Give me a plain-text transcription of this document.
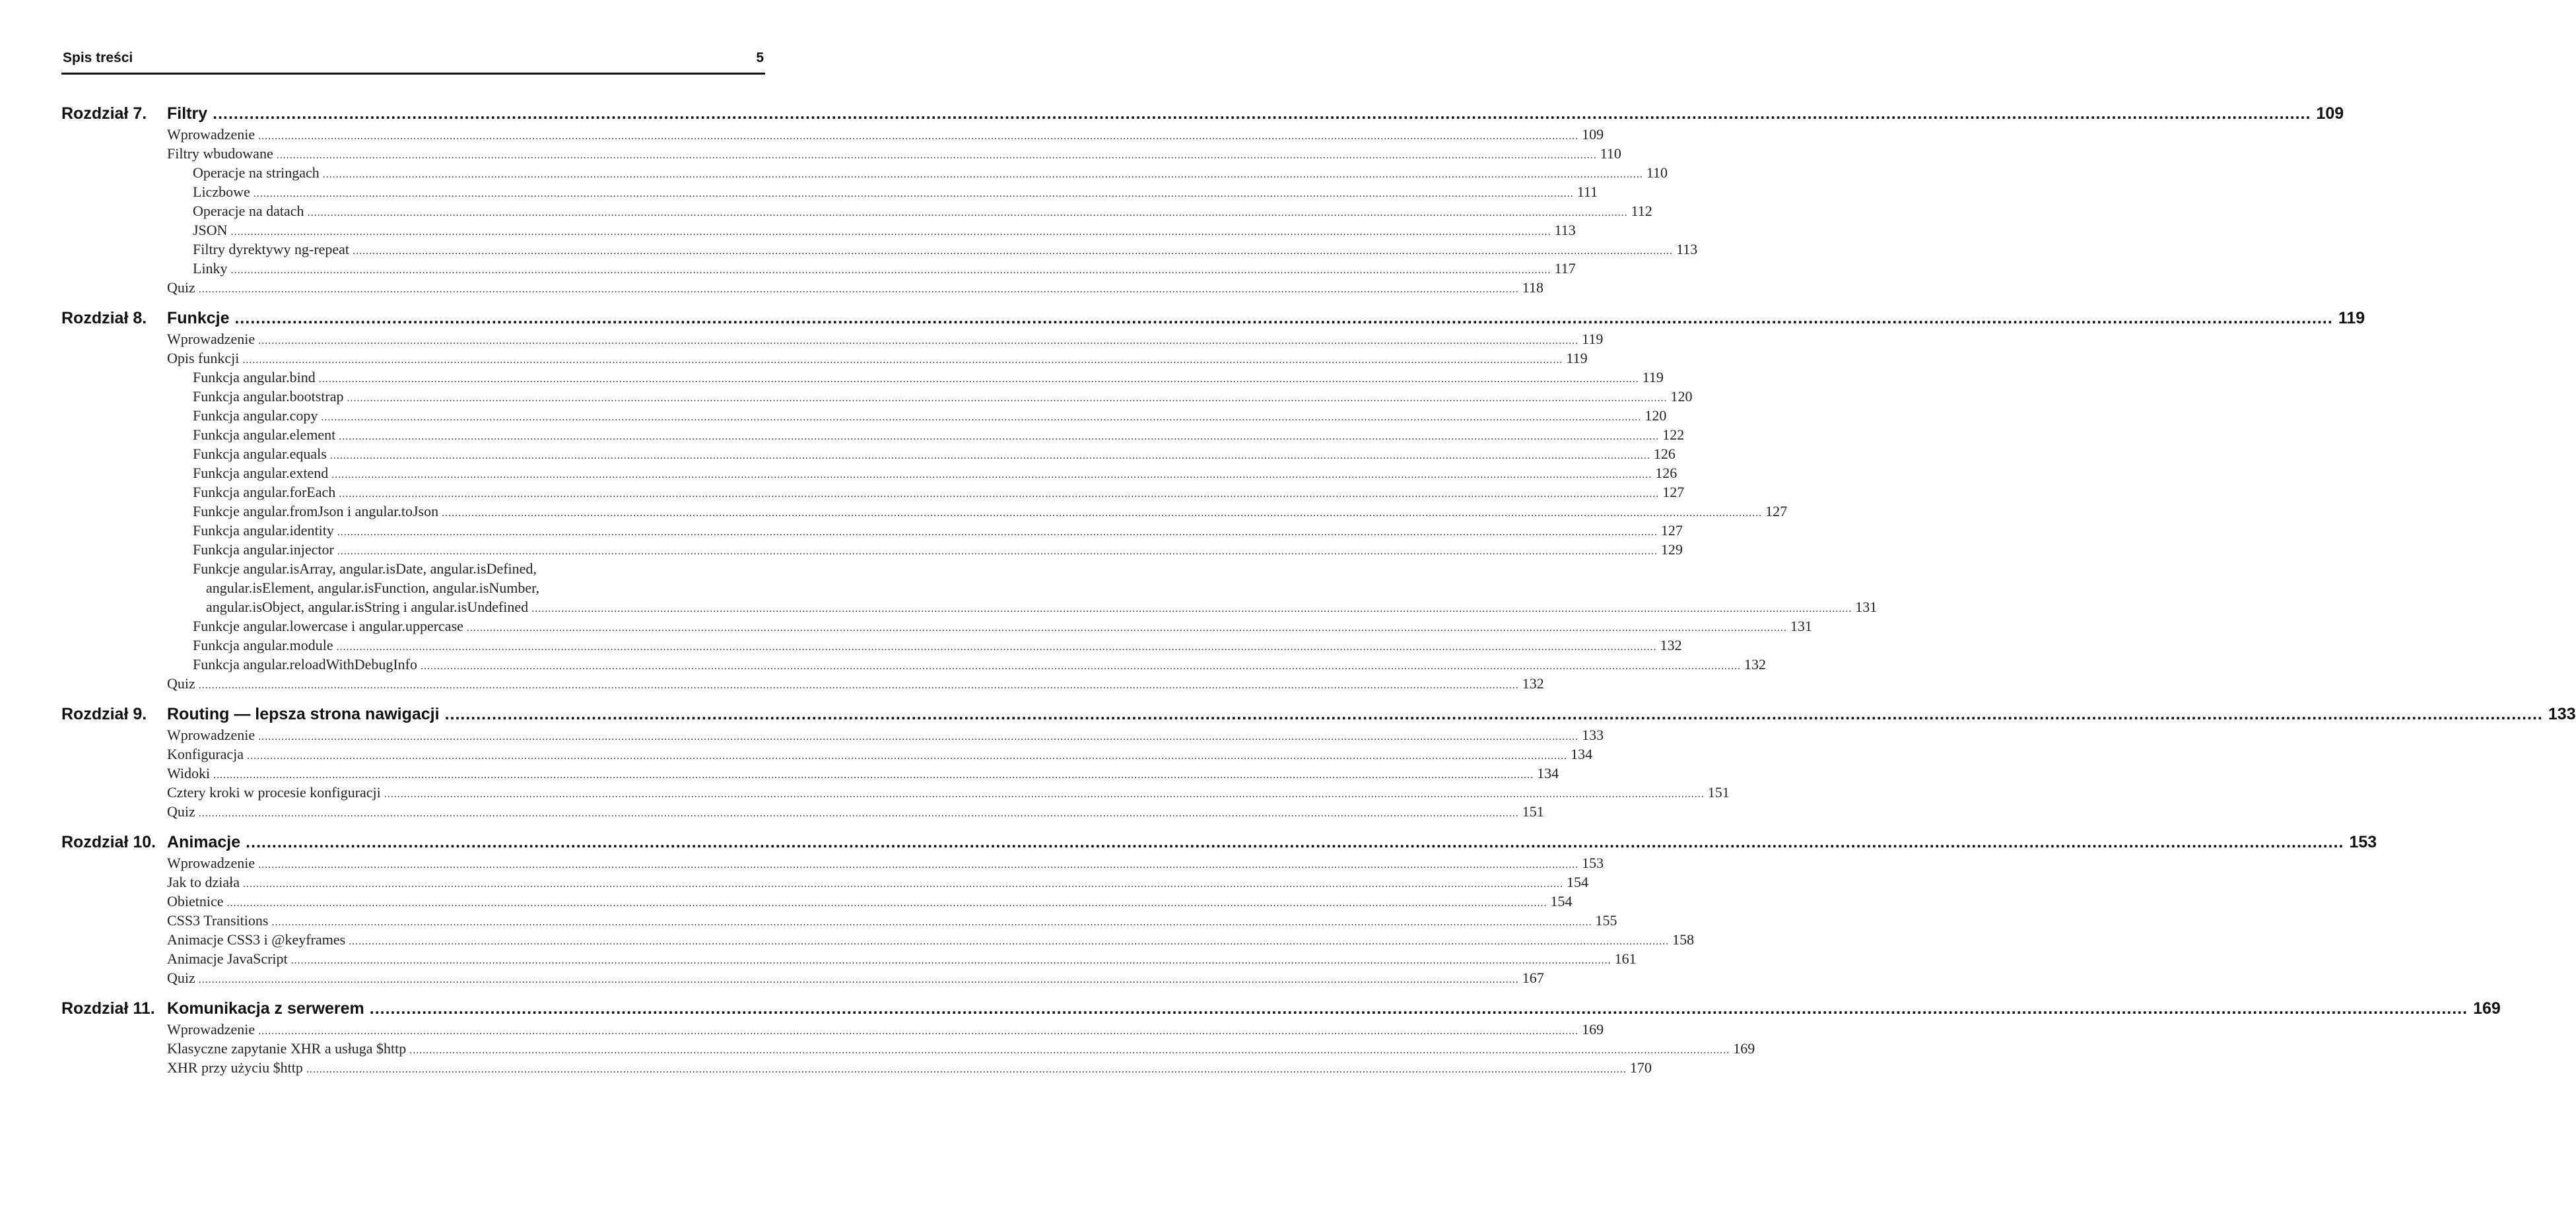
Spis treści	5
Rozdział 7.	Filtry ................................................................................................................................................................................................................................................................................................................................................................................................................ 109
Wprowadzenie ................................................................................................................................................................................................................................................................................................................................................................................................................ 109
Filtry wbudowane ................................................................................................................................................................................................................................................................................................................................................................................................................ 110
Operacje na stringach ................................................................................................................................................................................................................................................................................................................................................................................................................ 110
Liczbowe ................................................................................................................................................................................................................................................................................................................................................................................................................ 111
Operacje na datach ................................................................................................................................................................................................................................................................................................................................................................................................................ 112
JSON ................................................................................................................................................................................................................................................................................................................................................................................................................ 113
Filtry dyrektywy ng-repeat ................................................................................................................................................................................................................................................................................................................................................................................................................ 113
Linky ................................................................................................................................................................................................................................................................................................................................................................................................................ 117
Quiz ................................................................................................................................................................................................................................................................................................................................................................................................................ 118
Rozdział 8.	Funkcje ................................................................................................................................................................................................................................................................................................................................................................................................................ 119
Wprowadzenie ................................................................................................................................................................................................................................................................................................................................................................................................................ 119
Opis funkcji ................................................................................................................................................................................................................................................................................................................................................................................................................ 119
Funkcja angular.bind ................................................................................................................................................................................................................................................................................................................................................................................................................ 119
Funkcja angular.bootstrap ................................................................................................................................................................................................................................................................................................................................................................................................................ 120
Funkcja angular.copy ................................................................................................................................................................................................................................................................................................................................................................................................................ 120
Funkcja angular.element ................................................................................................................................................................................................................................................................................................................................................................................................................ 122
Funkcja angular.equals ................................................................................................................................................................................................................................................................................................................................................................................................................ 126
Funkcja angular.extend ................................................................................................................................................................................................................................................................................................................................................................................................................ 126
Funkcja angular.forEach ................................................................................................................................................................................................................................................................................................................................................................................................................ 127
Funkcje angular.fromJson i angular.toJson ................................................................................................................................................................................................................................................................................................................................................................................................................ 127
Funkcja angular.identity ................................................................................................................................................................................................................................................................................................................................................................................................................ 127
Funkcja angular.injector ................................................................................................................................................................................................................................................................................................................................................................................................................ 129
Funkcje angular.isArray, angular.isDate, angular.isDefined,
angular.isElement, angular.isFunction, angular.isNumber,
angular.isObject, angular.isString i angular.isUndefined ................................................................................................................................................................................................................................................................................................................................................................................................................ 131
Funkcje angular.lowercase i angular.uppercase ................................................................................................................................................................................................................................................................................................................................................................................................................ 131
Funkcja angular.module ................................................................................................................................................................................................................................................................................................................................................................................................................ 132
Funkcja angular.reloadWithDebugInfo ................................................................................................................................................................................................................................................................................................................................................................................................................ 132
Quiz ................................................................................................................................................................................................................................................................................................................................................................................................................ 132
Rozdział 9.	Routing — lepsza strona nawigacji ................................................................................................................................................................................................................................................................................................................................................................................................................ 133
Wprowadzenie ................................................................................................................................................................................................................................................................................................................................................................................................................ 133
Konfiguracja ................................................................................................................................................................................................................................................................................................................................................................................................................ 134
Widoki ................................................................................................................................................................................................................................................................................................................................................................................................................ 134
Cztery kroki w procesie konfiguracji ................................................................................................................................................................................................................................................................................................................................................................................................................ 151
Quiz ................................................................................................................................................................................................................................................................................................................................................................................................................ 151
Rozdział 10. Animacje ................................................................................................................................................................................................................................................................................................................................................................................................................ 153
Wprowadzenie ................................................................................................................................................................................................................................................................................................................................................................................................................ 153
Jak to działa ................................................................................................................................................................................................................................................................................................................................................................................................................ 154
Obietnice ................................................................................................................................................................................................................................................................................................................................................................................................................ 154
CSS3 Transitions ................................................................................................................................................................................................................................................................................................................................................................................................................ 155
Animacje CSS3 i @keyframes ................................................................................................................................................................................................................................................................................................................................................................................................................ 158
Animacje JavaScript ................................................................................................................................................................................................................................................................................................................................................................................................................ 161
Quiz ................................................................................................................................................................................................................................................................................................................................................................................................................ 167
Rozdział 11. Komunikacja z serwerem ................................................................................................................................................................................................................................................................................................................................................................................................................ 169
Wprowadzenie ................................................................................................................................................................................................................................................................................................................................................................................................................ 169
Klasyczne zapytanie XHR a usługa $http ................................................................................................................................................................................................................................................................................................................................................................................................................ 169
XHR przy użyciu $http ................................................................................................................................................................................................................................................................................................................................................................................................................ 170
